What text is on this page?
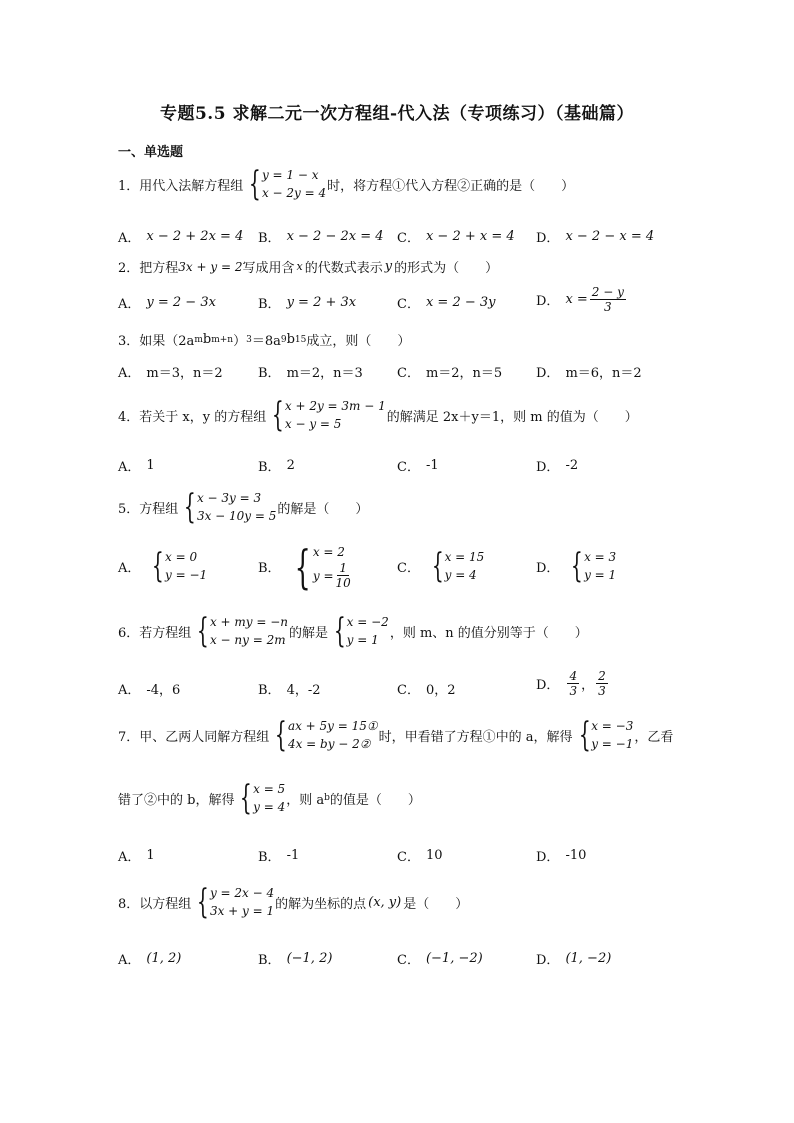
专题5.5 求解二元一次方程组-代入法（专项练习）（基础篇）
一、单选题
1． 用代入法解方程组 { y = 1 − x
x − 2y = 4 时，将方程①代入方程②正确的是（　　）
A． x − 2 + 2x = 4 B． x − 2 − 2x = 4 C． x − 2 + x = 4 D． x − 2 − x = 4
2． 把方程 3x + y = 2 写成用含 x 的代数式表示 y 的形式为（　　）
A． y = 2 − 3x	B． y = 2 + 3x	C． x = 2 − 3y	D． $x = \frac{2 - y}{3}$
3． 如果（2a m b m+n ） 3 ＝8a 9 b 15 成立，则（　　）
A． m＝3，n＝2	B． m＝2，n＝3	C． m＝2，n＝5	D． m＝6，n＝2
4． 若关于 x，y 的方程组 { x + 2y = 3m − 1
x − y = 5	的解满足 2x＋y＝1，则 m 的值为（　　）
A． 1	B． 2	C． -1	D． -2
5． 方程组 { x − 3y = 3
3x − 10y = 5 的解是（　　）
A． { x = 0
y = −1	B． { x = 2
$y = \frac{1}{10}$	C． { x = 15
y = 4	D． { x = 3
y = 1
6． 若方程组 { x + my = −n
x − ny = 2m 的解是 { x = −2
y = 1 ，则 m、n 的值分别等于（　　）
A． -4，6	B． 4，-2	C． 0，2	D． $\frac{4}{3}$ ， $\frac{2}{3}$
7． 甲、乙两人同解方程组 { ax + 5y = 15①
4x = by − 2② 时，甲看错了方程①中的 a，解得 { x = −3
y = −1 ，乙看
错了②中的 b，解得 { x = 5
y = 4 ，则 a b 的值是（　　）
A． 1	B． -1	C． 10	D． -10
8． 以方程组 { y = 2x − 4
3x + y = 1 的解为坐标的点 (x, y) 是（　　）
A． (1, 2)	B． (−1, 2)	C． (−1, −2)	D． (1, −2)
